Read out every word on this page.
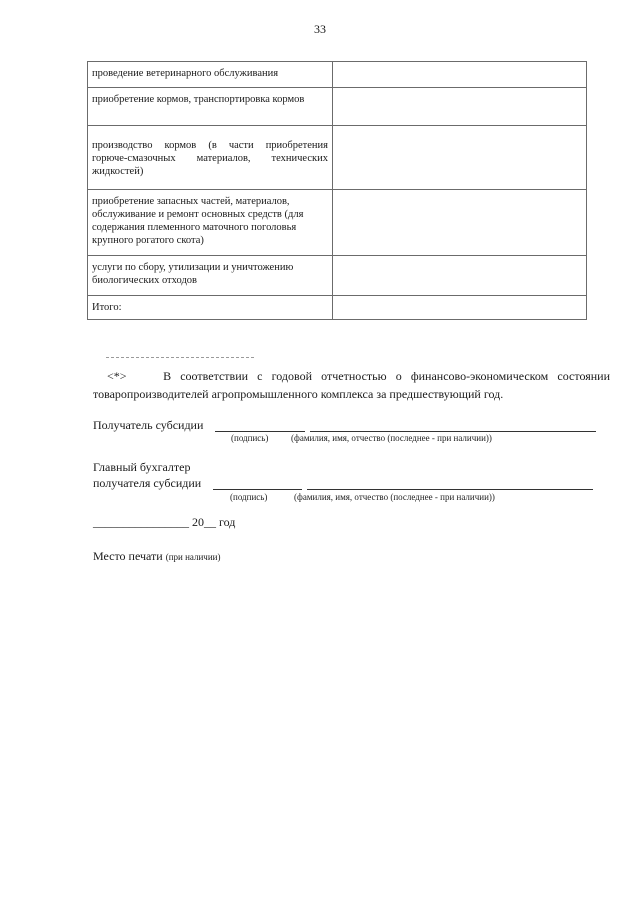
33
проведение ветеринарного обслуживания	
приобретение кормов, транспортировка кормов	
производство кормов (в части приобретения горюче-смазочных материалов, технических жидкостей)	
приобретение запасных частей, материалов, обслуживание и ремонт основных средств (для содержания племенного маточного поголовья крупного рогатого скота)	
услуги по сбору, утилизации и уничтожению биологических отходов	
Итого:	
<*>	В соответствии с годовой отчетностью о финансово-экономическом состоянии
товаропроизводителей агропромышленного комплекса за предшествующий год.
Получатель субсидии
(подпись)	(фамилия, имя, отчество (последнее - при наличии))
Главный бухгалтер
получателя субсидии
(подпись)	(фамилия, имя, отчество (последнее - при наличии))
________________ 20__ год
Место печати (при наличии)
